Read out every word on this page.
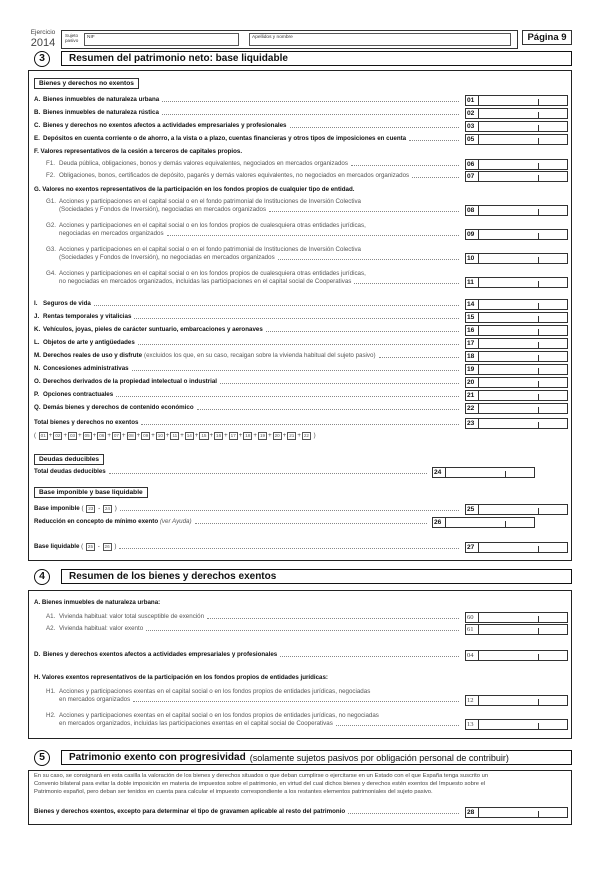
Ejercicio
2014
Sujeto
pasivo
NIF	Apellidos y nombre	Página 9
3	Resumen del patrimonio neto: base liquidable
Bienes y derechos no exentos
A. Bienes inmuebles de naturaleza urbana	01
B. Bienes inmuebles de naturaleza rústica	02
C. Bienes y derechos no exentos afectos a actividades empresariales y profesionales	03
E. Depósitos en cuenta corriente o de ahorro, a la vista o a plazo, cuentas financieras y otros tipos de imposiciones en cuenta	05
F. Valores representativos de la cesión a terceros de capitales propios.
F1. Deuda pública, obligaciones, bonos y demás valores equivalentes, negociados en mercados organizados	06
F2. Obligaciones, bonos, certificados de depósito, pagarés y demás valores equivalentes, no negociados en mercados organizados	07
G. Valores no exentos representativos de la participación en los fondos propios de cualquier tipo de entidad.
G1. Acciones y participaciones en el capital social o en el fondo patrimonial de Instituciones de Inversión Colectiva
(Sociedades y Fondos de Inversión), negociadas en mercados organizados	08
G2. Acciones y participaciones en el capital social o en los fondos propios de cualesquiera otras entidades jurídicas,
negociadas en mercados organizados	09
G3. Acciones y participaciones en el capital social o en el fondo patrimonial de Instituciones de Inversión Colectiva
(Sociedades y Fondos de Inversión), no negociadas en mercados organizados	10
G4. Acciones y participaciones en el capital social o en los fondos propios de cualesquiera otras entidades jurídicas,
no negociadas en mercados organizados, incluidas las participaciones en el capital social de Cooperativas	11
I. Seguros de vida	14
J. Rentas temporales y vitalicias	15
K. Vehículos, joyas, pieles de carácter suntuario, embarcaciones y aeronaves	16
L. Objetos de arte y antigüedades	17
M. Derechos reales de uso y disfrute (excluidos los que, en su caso, recaigan sobre la vivienda habitual del sujeto pasivo)	18
N. Concesiones administrativas	19
O. Derechos derivados de la propiedad intelectual o industrial	20
P. Opciones contractuales	21
Q. Demás bienes y derechos de contenido económico	22
Total bienes y derechos no exentos	23
( 01 + 02 + 03 + 05 + 06 + 07 + 08 + 09 + 10 + 11 + 14 + 15 + 16 + 17 + 18 + 19 + 20 + 21 + 22 )
Deudas deducibles
Total deudas deducibles	24
Base imponible y base liquidable
Base imponible ( 23 - 24 )	25
Reducción en concepto de mínimo exento
(ver Ayuda)	26
Base liquidable ( 25 - 26 )	27
4	Resumen de los bienes y derechos exentos
A. Bienes inmuebles de naturaleza urbana:
A1. Vivienda habitual: valor total susceptible de exención	60
A2. Vivienda habitual: valor exento	61
D. Bienes y derechos exentos afectos a actividades empresariales y profesionales	04
H. Valores exentos representativos de la participación en los fondos propios de entidades jurídicas:
H1. Acciones y participaciones exentas en el capital social o en los fondos propios de entidades jurídicas, negociadas
en mercados organizados	12
H2. Acciones y participaciones exentas en el capital social o en los fondos propios de entidades jurídicas, no negociadas
en mercados organizados, incluidas las participaciones exentas en el capital social de Cooperativas	13
5	Patrimonio exento con progresividad (solamente sujetos pasivos por obligación personal de contribuir)
En su caso, se consignará en esta casilla la valoración de los bienes y derechos situados o que deban cumplirse o ejercitarse en un Estado con el que España tenga suscrito un
Convenio bilateral para evitar la doble imposición en materia de impuestos sobre el patrimonio, en virtud del cual dichos bienes y derechos estén exentos del Impuesto sobre el
Patrimonio español, pero deban ser tenidos en cuenta para calcular el impuesto correspondiente a los restantes elementos patrimoniales del sujeto pasivo.
Bienes y derechos exentos, excepto para determinar el tipo de gravamen aplicable al resto del patrimonio	28
